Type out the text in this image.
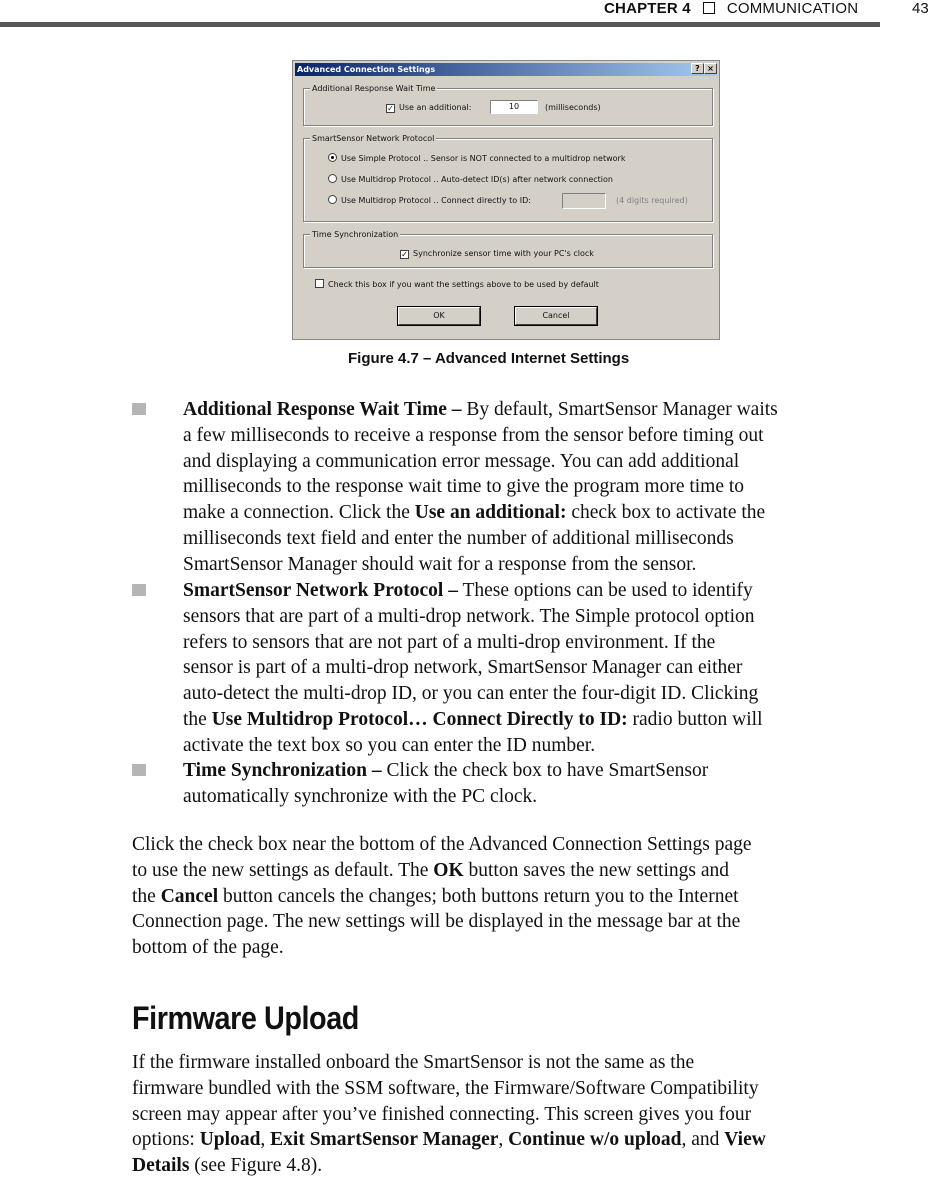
CHAPTER 4 COMMUNICATION	43
Advanced Connection Settings	? ×
Additional Response Wait Time
✓ Use an additional:	10	(milliseconds)
SmartSensor Network Protocol
Use Simple Protocol .. Sensor is NOT connected to a multidrop network
Use Multidrop Protocol .. Auto-detect ID(s) after network connection
Use Multidrop Protocol .. Connect directly to ID:	(4 digits required)
Time Synchronization
✓ Synchronize sensor time with your PC's clock
Check this box if you want the settings above to be used by default
OK	Cancel
Figure 4.7 – Advanced Internet Settings
Additional Response Wait Time – By default, SmartSensor Manager waits
a few milliseconds to receive a response from the sensor before timing out
and displaying a communication error message. You can add additional
milliseconds to the response wait time to give the program more time to
make a connection. Click the Use an additional: check box to activate the
milliseconds text field and enter the number of additional milliseconds
SmartSensor Manager should wait for a response from the sensor.
SmartSensor Network Protocol – These options can be used to identify
sensors that are part of a multi-drop network. The Simple protocol option
refers to sensors that are not part of a multi-drop environment. If the
sensor is part of a multi-drop network, SmartSensor Manager can either
auto-detect the multi-drop ID, or you can enter the four-digit ID. Clicking
the Use Multidrop Protocol… Connect Directly to ID: radio button will
activate the text box so you can enter the ID number.
Time Synchronization – Click the check box to have SmartSensor
automatically synchronize with the PC clock.
Click the check box near the bottom of the Advanced Connection Settings page
to use the new settings as default. The OK button saves the new settings and
the Cancel button cancels the changes; both buttons return you to the Internet
Connection page. The new settings will be displayed in the message bar at the
bottom of the page.
Firmware Upload
If the firmware installed onboard the SmartSensor is not the same as the
firmware bundled with the SSM software, the Firmware/Software Compatibility
screen may appear after you’ve finished connecting. This screen gives you four
options: Upload, Exit SmartSensor Manager, Continue w/o upload, and View
Details (see Figure 4.8).
